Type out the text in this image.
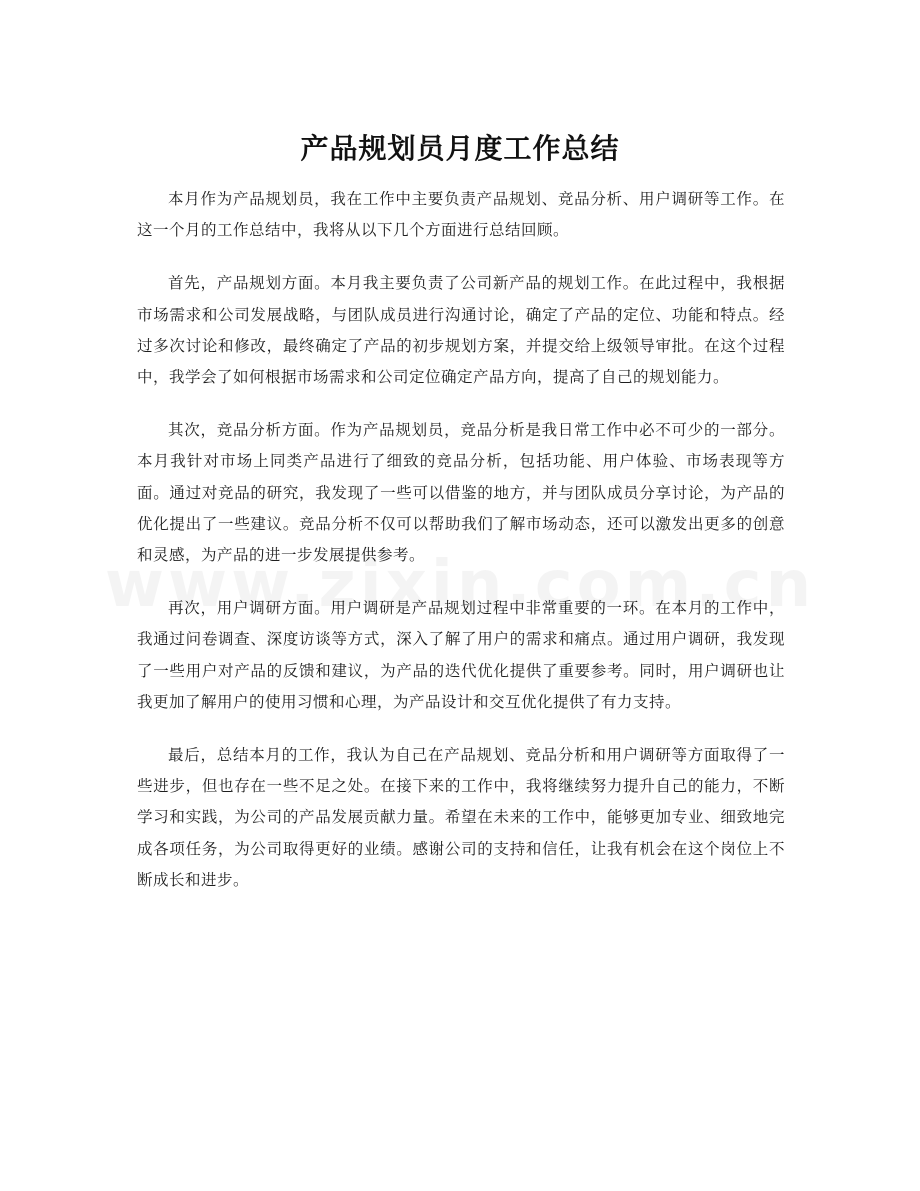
产品规划员月度工作总结

本月作为产品规划员，我在工作中主要负责产品规划、竞品分析、用户调研等工作。在这一个月的工作总结中，我将从以下几个方面进行总结回顾。

首先，产品规划方面。本月我主要负责了公司新产品的规划工作。在此过程中，我根据市场需求和公司发展战略，与团队成员进行沟通讨论，确定了产品的定位、功能和特点。经过多次讨论和修改，最终确定了产品的初步规划方案，并提交给上级领导审批。在这个过程中，我学会了如何根据市场需求和公司定位确定产品方向，提高了自己的规划能力。

其次，竞品分析方面。作为产品规划员，竞品分析是我日常工作中必不可少的一部分。本月我针对市场上同类产品进行了细致的竞品分析，包括功能、用户体验、市场表现等方面。通过对竞品的研究，我发现了一些可以借鉴的地方，并与团队成员分享讨论，为产品的优化提出了一些建议。竞品分析不仅可以帮助我们了解市场动态，还可以激发出更多的创意和灵感，为产品的进一步发展提供参考。

再次，用户调研方面。用户调研是产品规划过程中非常重要的一环。在本月的工作中，我通过问卷调查、深度访谈等方式，深入了解了用户的需求和痛点。通过用户调研，我发现了一些用户对产品的反馈和建议，为产品的迭代优化提供了重要参考。同时，用户调研也让我更加了解用户的使用习惯和心理，为产品设计和交互优化提供了有力支持。

最后，总结本月的工作，我认为自己在产品规划、竞品分析和用户调研等方面取得了一些进步，但也存在一些不足之处。在接下来的工作中，我将继续努力提升自己的能力，不断学习和实践，为公司的产品发展贡献力量。希望在未来的工作中，能够更加专业、细致地完成各项任务，为公司取得更好的业绩。感谢公司的支持和信任，让我有机会在这个岗位上不断成长和进步。
